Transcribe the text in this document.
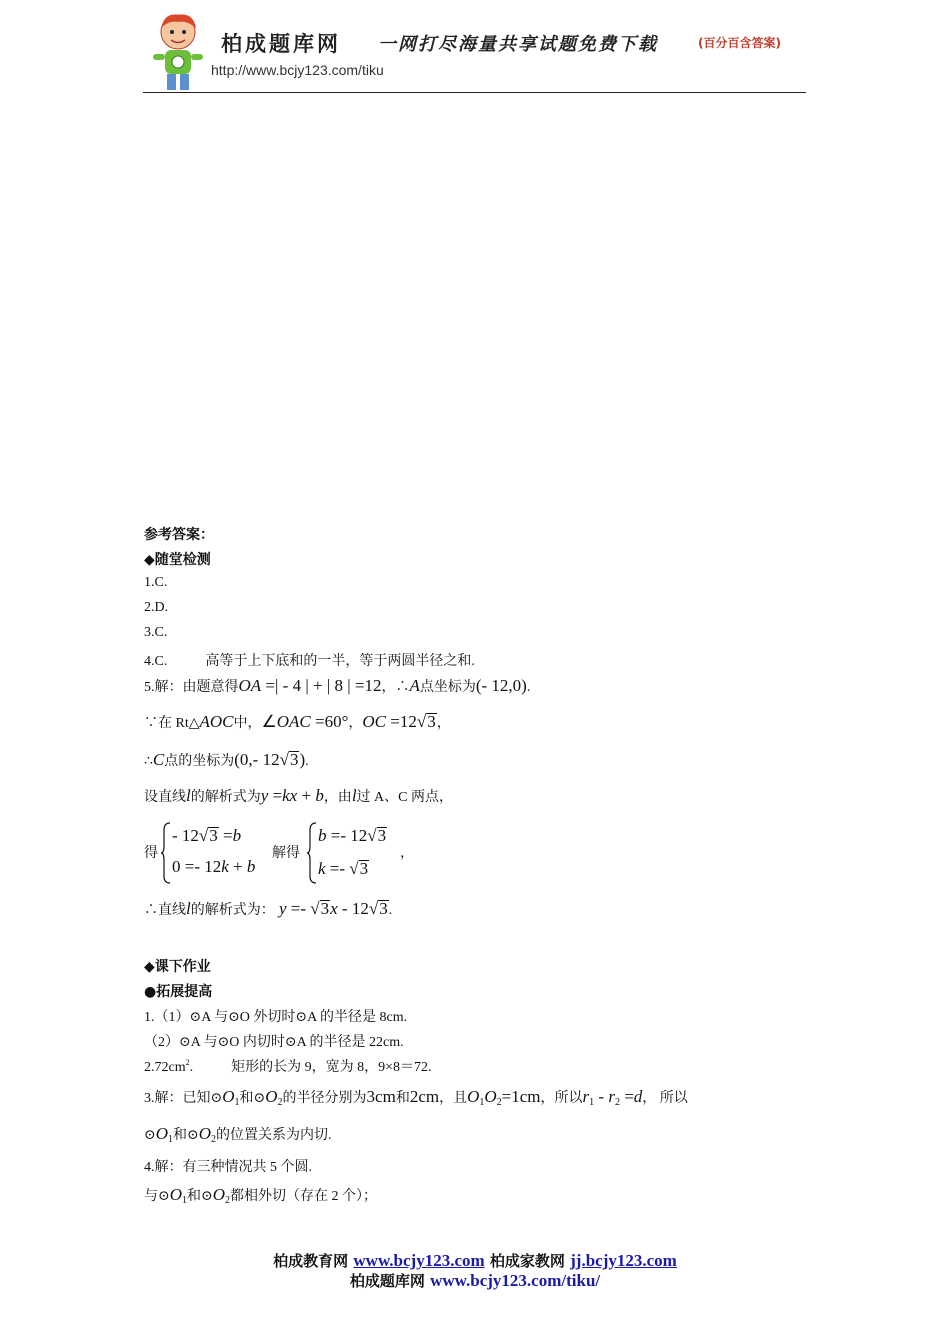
柏成题库网 一网打尽海量共享试题免费下载	(百分百含答案)
http://www.bcjy123.com/tiku
参考答案：
◆随堂检测
1.C.
2.D.
3.C.
4.C.	高等于上下底和的一半，等于两圆半径之和.
5.解：由题意得OA =| - 4 | + | 8 | =12，∴A点坐标为(- 12,0).
∵在 Rt△AOC中，∠OAC =60°，OC =12√3，
∴C点的坐标为(0,- 12√3).
设直线l的解析式为y =kx + b，由l过 A、C 两点，
得
- 12√3 =b
0 =- 12k + b
解得
b =- 12√3
k =- √3
，
∴直线l的解析式为： y =- √3x - 12√3.
◆课下作业
●拓展提高
1.（1）⊙A 与⊙O 外切时⊙A 的半径是 8cm.
（2）⊙A 与⊙O 内切时⊙A 的半径是 22cm.
$2.72cm^2$.	矩形的长为 9，宽为 8，9×8＝72.
3.解：已知$⊙O_1$和$⊙O_2$的半径分别为3cm和2cm，且$O_1O_2=1cm$，所以$r_1 - r_2 =d$， 所以
$⊙O_1$和$⊙O_2$的位置关系为内切.
4.解：有三种情况共 5 个圆.
与$⊙O_1$和$⊙O_2$都相外切（存在 2 个）；
柏成教育网 www.bcjy123.com 柏成家教网 jj.bcjy123.com
柏成题库网 www.bcjy123.com/tiku/
